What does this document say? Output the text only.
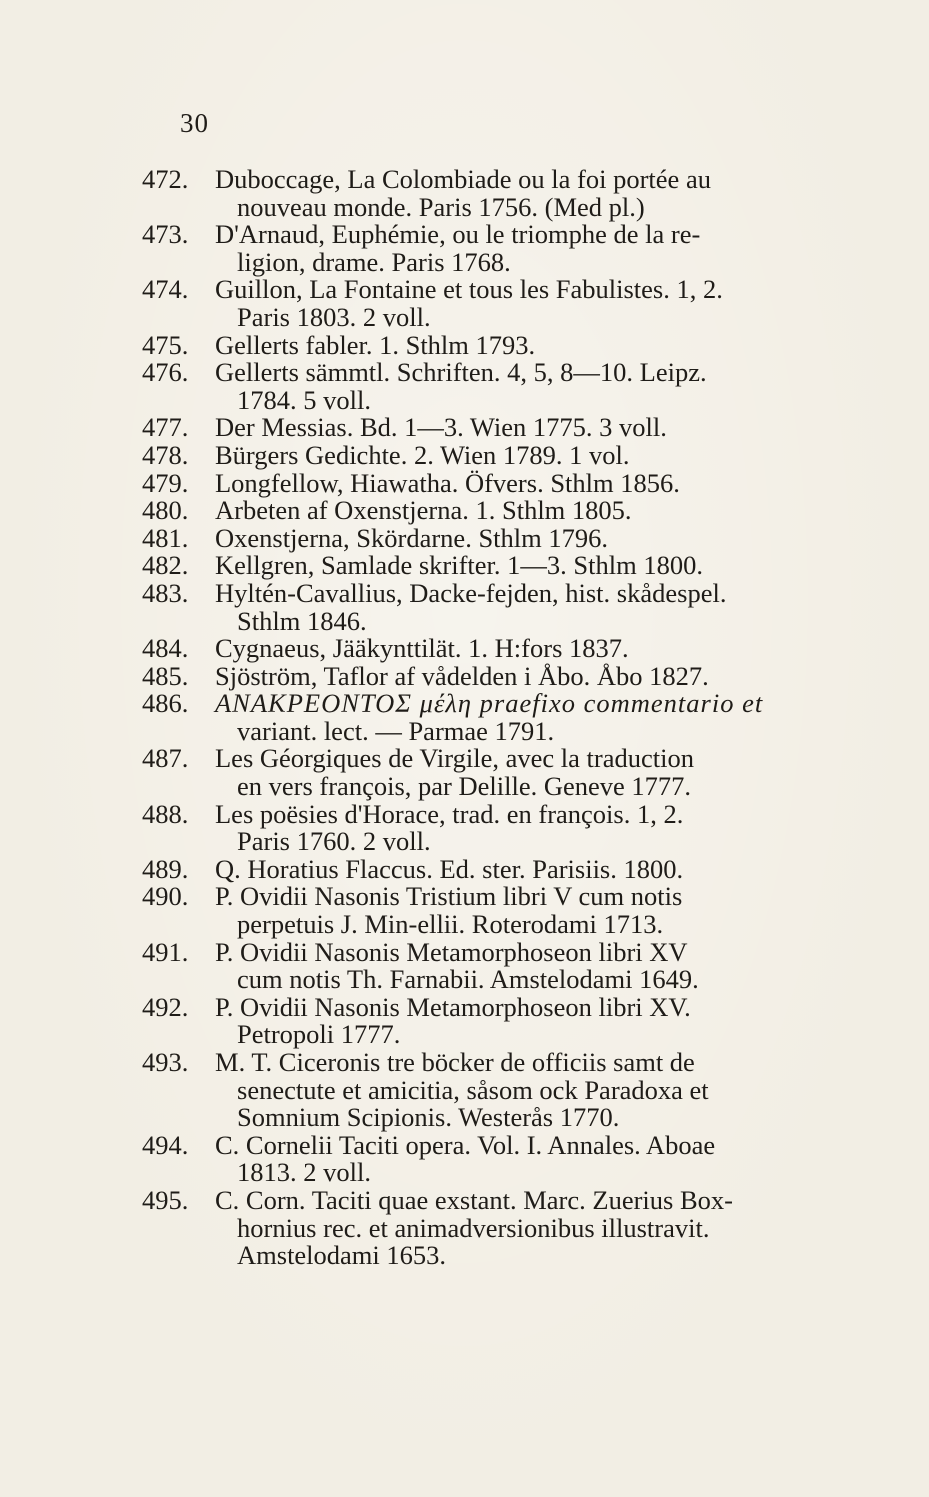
30
472.	Duboccage, La Colombiade ou la foi portée au
nouveau monde. Paris 1756. (Med pl.)
473.	D'Arnaud, Euphémie, ou le triomphe de la re-
ligion, drame. Paris 1768.
474.	Guillon, La Fontaine et tous les Fabulistes. 1, 2.
Paris 1803. 2 voll.
475.	Gellerts fabler. 1. Sthlm 1793.
476.	Gellerts sämmtl. Schriften. 4, 5, 8—10. Leipz.
1784. 5 voll.
477.	Der Messias. Bd. 1—3. Wien 1775. 3 voll.
478.	Bürgers Gedichte. 2. Wien 1789. 1 vol.
479.	Longfellow, Hiawatha. Öfvers. Sthlm 1856.
480.	Arbeten af Oxenstjerna. 1. Sthlm 1805.
481.	Oxenstjerna, Skördarne. Sthlm 1796.
482.	Kellgren, Samlade skrifter. 1—3. Sthlm 1800.
483.	Hyltén-Cavallius, Dacke-fejden, hist. skådespel.
Sthlm 1846.
484.	Cygnaeus, Jääkynttilät. 1. H:fors 1837.
485.	Sjöström, Taflor af vådelden i Åbo. Åbo 1827.
486.	ΑΝΑΚΡΕΟΝΤΟΣ μέλη praefixo commentario et
variant. lect. — Parmae 1791.
487.	Les Géorgiques de Virgile, avec la traduction
en vers françois, par Delille. Geneve 1777.
488.	Les poësies d'Horace, trad. en françois. 1, 2.
Paris 1760. 2 voll.
489.	Q. Horatius Flaccus. Ed. ster. Parisiis. 1800.
490.	P. Ovidii Nasonis Tristium libri V cum notis
perpetuis J. Min-ellii. Roterodami 1713.
491.	P. Ovidii Nasonis Metamorphoseon libri XV
cum notis Th. Farnabii. Amstelodami 1649.
492.	P. Ovidii Nasonis Metamorphoseon libri XV.
Petropoli 1777.
493.	M. T. Ciceronis tre böcker de officiis samt de
senectute et amicitia, såsom ock Paradoxa et
Somnium Scipionis. Westerås 1770.
494.	C. Cornelii Taciti opera. Vol. I. Annales. Aboae
1813. 2 voll.
495.	C. Corn. Taciti quae exstant. Marc. Zuerius Box-
hornius rec. et animadversionibus illustravit.
Amstelodami 1653.
